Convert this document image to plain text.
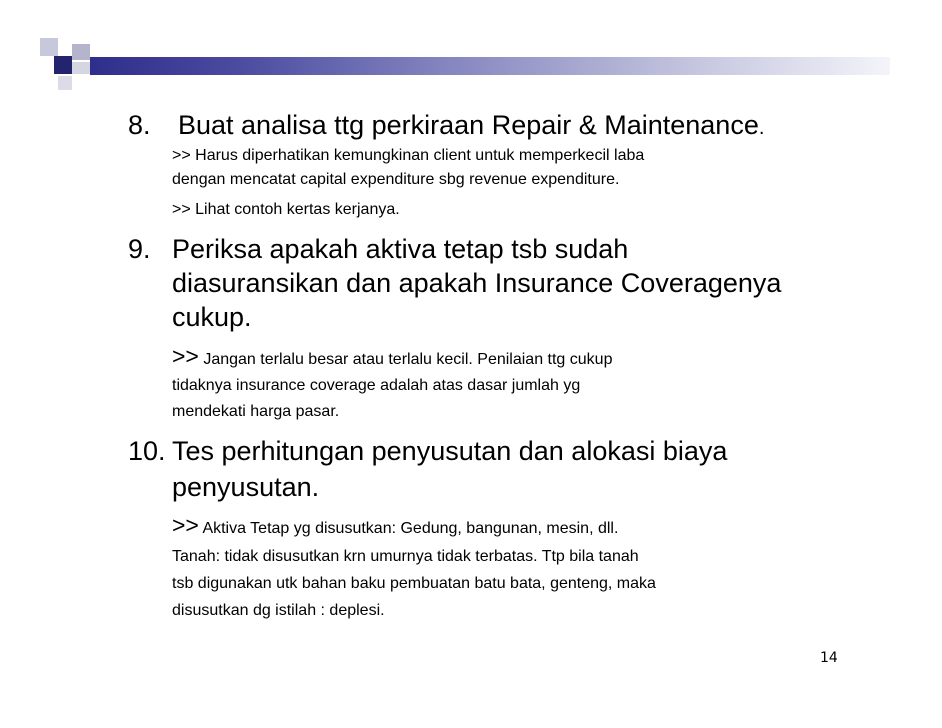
8. Buat analisa ttg perkiraan Repair & Maintenance.
>> Harus diperhatikan kemungkinan client untuk memperkecil laba
dengan mencatat capital expenditure sbg revenue expenditure.
>> Lihat contoh kertas kerjanya.
9. Periksa apakah aktiva tetap tsb sudah
diasuransikan dan apakah Insurance Coveragenya
cukup.
>> Jangan terlalu besar atau terlalu kecil. Penilaian ttg cukup
tidaknya insurance coverage adalah atas dasar jumlah yg
mendekati harga pasar.
10. Tes perhitungan penyusutan dan alokasi biaya
penyusutan.
>> Aktiva Tetap yg disusutkan: Gedung, bangunan, mesin, dll.
Tanah: tidak disusutkan krn umurnya tidak terbatas. Ttp bila tanah
tsb digunakan utk bahan baku pembuatan batu bata, genteng, maka
disusutkan dg istilah : deplesi.
14
